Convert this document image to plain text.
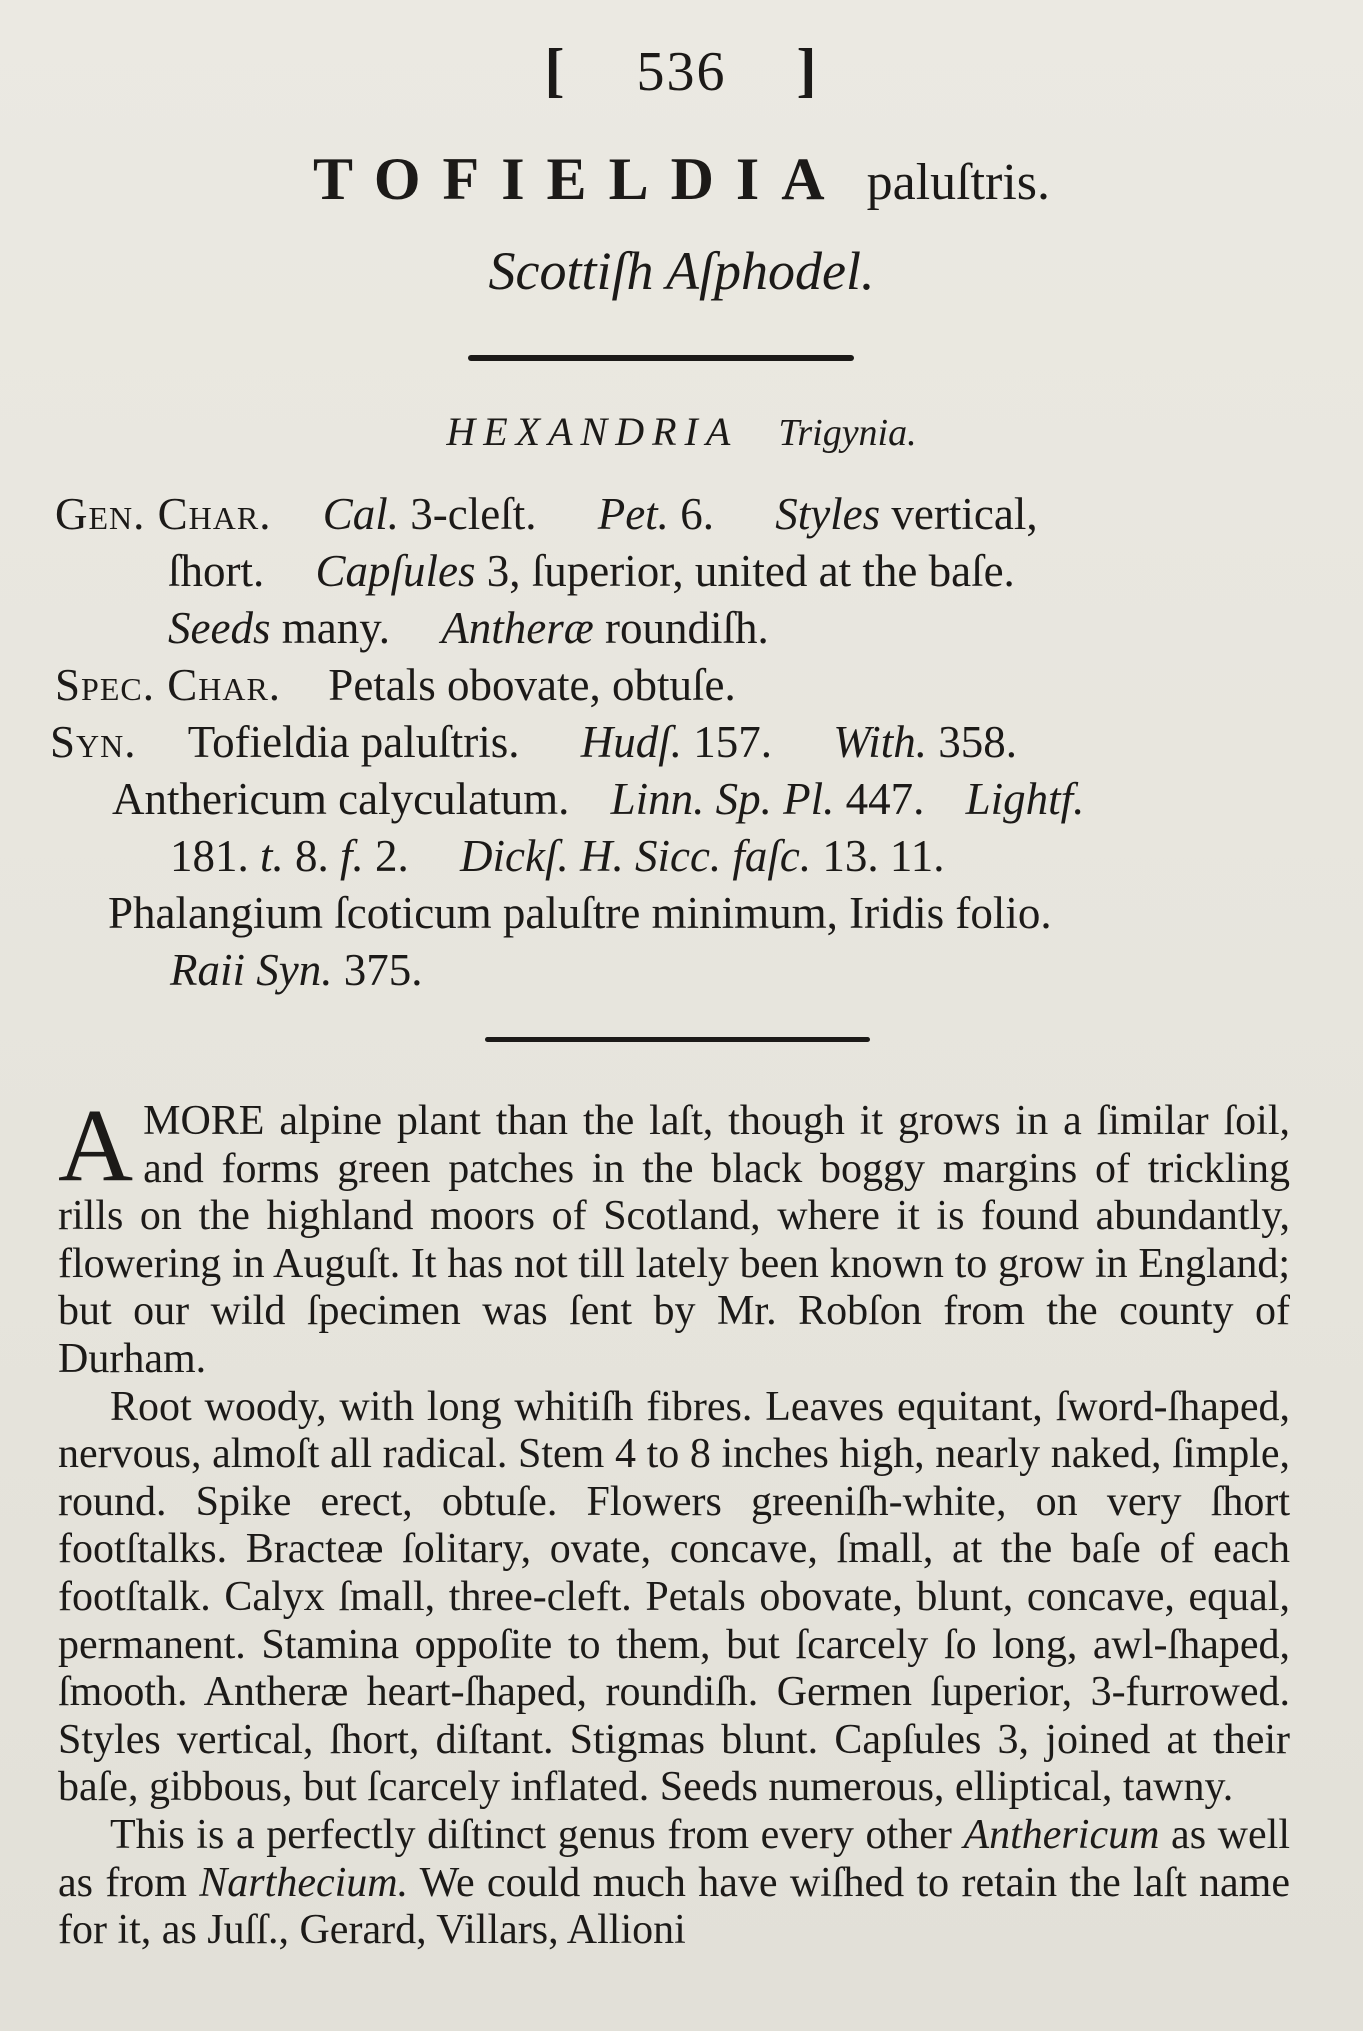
[ 536 ]
TOFIELDIA paluſtris.
Scottiſh Aſphodel.
HEXANDRIA Trigynia.
Gen. Char. Cal. 3-cleſt. Pet. 6. Styles vertical,
ſhort. Capſules 3, ſuperior, united at the baſe.
Seeds many. Antheræ roundiſh.
Spec. Char. Petals obovate, obtuſe.
Syn. Tofieldia paluſtris. Hudſ. 157. With. 358.
Anthericum calyculatum. Linn. Sp. Pl. 447. Lightf.
181. t. 8. f. 2. Dickſ. H. Sicc. faſc. 13. 11.
Phalangium ſcoticum paluſtre minimum, Iridis folio.
Raii Syn. 375.

AMORE alpine plant than the laſt, though it grows in a ſimilar ſoil, and forms green patches in the black boggy margins of trickling rills on the highland moors of Scotland, where it is found abundantly, flowering in Auguſt. It has not till lately been known to grow in England; but our wild ſpecimen was ſent by Mr. Robſon from the county of Durham.

Root woody, with long whitiſh fibres. Leaves equitant, ſword-ſhaped, nervous, almoſt all radical. Stem 4 to 8 inches high, nearly naked, ſimple, round. Spike erect, obtuſe. Flowers greeniſh-white, on very ſhort footſtalks. Bracteæ ſolitary, ovate, concave, ſmall, at the baſe of each footſtalk. Calyx ſmall, three-cleft. Petals obovate, blunt, concave, equal, permanent. Stamina oppoſite to them, but ſcarcely ſo long, awl-ſhaped, ſmooth. Antheræ heart-ſhaped, roundiſh. Germen ſuperior, 3-furrowed. Styles vertical, ſhort, diſtant. Stigmas blunt. Capſules 3, joined at their baſe, gibbous, but ſcarcely inflated. Seeds numerous, elliptical, tawny.

This is a perfectly diſtinct genus from every other Anthericum as well as from Narthecium. We could much have wiſhed to retain the laſt name for it, as Juſſ., Gerard, Villars, Allioni
